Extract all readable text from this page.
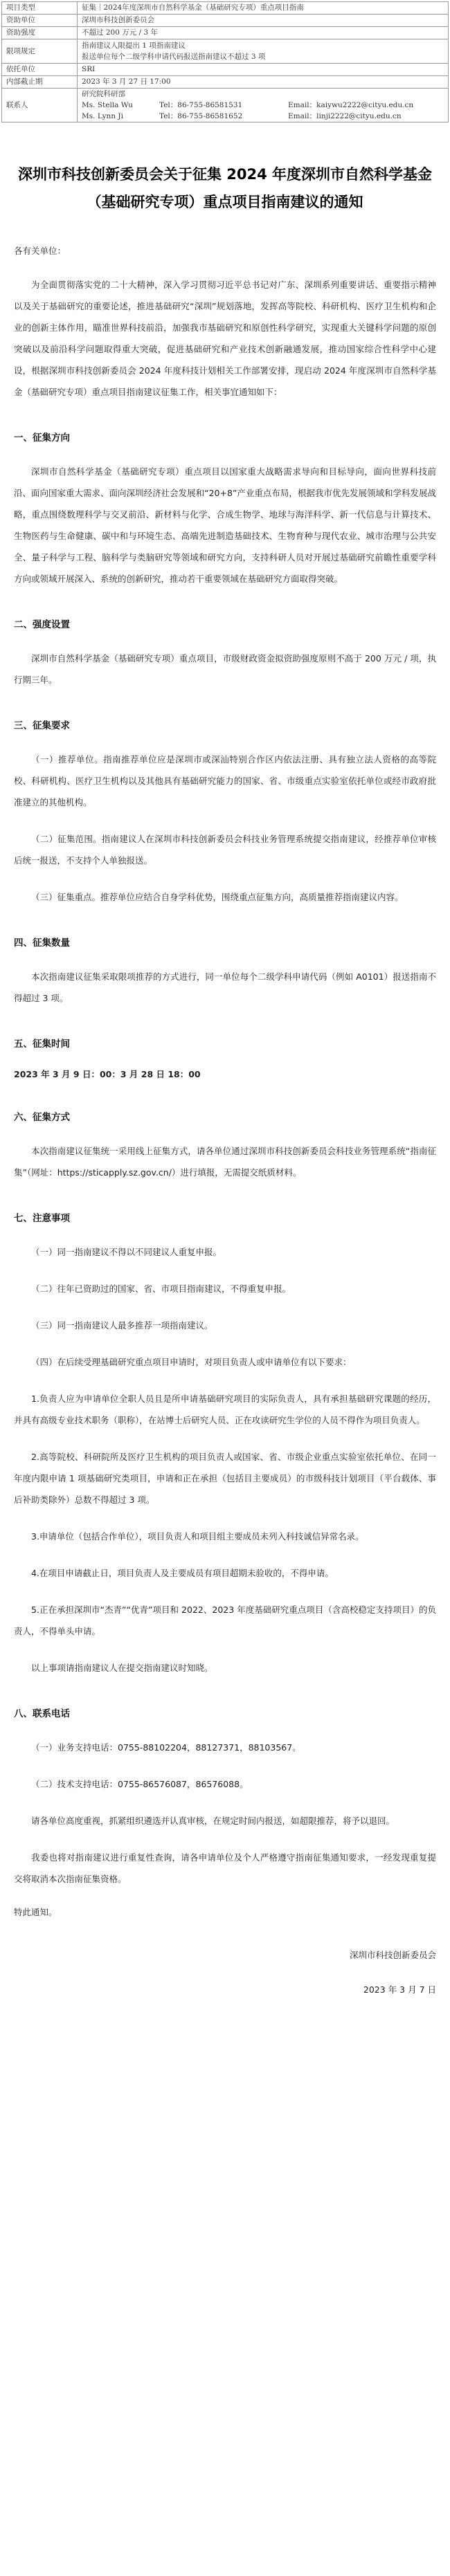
项目类型	征集｜2024年度深圳市自然科学基金（基础研究专项）重点项目指南
资助单位	深圳市科技创新委员会
资助强度	不超过 200 万元 / 3 年
限项规定	指南建议人限提出 1 项指南建议
报送单位每个二级学科申请代码报送指南建议不超过 3 项

依托单位	SRI
内部截止期	2023 年 3 月 27 日 17:00
联系人	研究院科研部
Ms. Stella Wu Tel：86-755-86581531 Email：kaiywu2222@cityu.edu.cn
Ms. Lynn Ji Tel：86-755-86581652 Email：linji2222@cityu.edu.cn
深圳市科技创新委员会关于征集 2024 年度深圳市自然科学基金（基础研究专项）重点项目指南建议的通知
各有关单位：

为全面贯彻落实党的二十大精神，深入学习贯彻习近平总书记对广东、深圳系列重要讲话、重要指示精神以及关于基础研究的重要论述，推进基础研究“深圳”规划落地，发挥高等院校、科研机构、医疗卫生机构和企业的创新主体作用，瞄准世界科技前沿，加强我市基础研究和原创性科学研究，实现重大关键科学问题的原创突破以及前沿科学问题取得重大突破，促进基础研究和产业技术创新融通发展，推动国家综合性科学中心建设，根据深圳市科技创新委员会 2024 年度科技计划相关工作部署安排，现启动 2024 年度深圳市自然科学基金（基础研究专项）重点项目指南建议征集工作，相关事宜通知如下：

一、征集方向

深圳市自然科学基金（基础研究专项）重点项目以国家重大战略需求导向和目标导向，面向世界科技前沿、面向国家重大需求、面向深圳经济社会发展和“20+8”产业重点布局，根据我市优先发展领域和学科发展战略，重点围绕数理科学与交叉前沿、新材料与化学、合成生物学、地球与海洋科学、新一代信息与计算技术、生物医药与生命健康、碳中和与环境生态、高端先进制造基础技术、生物育种与现代农业、城市治理与公共安全、量子科学与工程、脑科学与类脑研究等领域和研究方向，支持科研人员对开展过基础研究前瞻性重要学科方向或领域开展深入、系统的创新研究，推动若干重要领域在基础研究方面取得突破。

二、强度设置

深圳市自然科学基金（基础研究专项）重点项目，市级财政资金拟资助强度原则不高于 200 万元 / 项，执行期三年。

三、征集要求

（一）推荐单位。指南推荐单位应是深圳市或深汕特别合作区内依法注册、具有独立法人资格的高等院校、科研机构、医疗卫生机构以及其他具有基础研究能力的国家、省、市级重点实验室依托单位或经市政府批准建立的其他机构。

（二）征集范围。指南建议人在深圳市科技创新委员会科技业务管理系统提交指南建议，经推荐单位审核后统一报送，不支持个人单独报送。

（三）征集重点。推荐单位应结合自身学科优势，围绕重点征集方向，高质量推荐指南建议内容。

四、征集数量

本次指南建议征集采取限项推荐的方式进行，同一单位每个二级学科申请代码（例如 A0101）报送指南不得超过 3 项。

五、征集时间
2023 年 3 月 9 日：00：3 月 28 日 18：00
六、征集方式

本次指南建议征集统一采用线上征集方式，请各单位通过深圳市科技创新委员会科技业务管理系统“指南征集”（网址：https://sticapply.sz.gov.cn/）进行填报，无需提交纸质材料。

七、注意事项

（一）同一指南建议不得以不同建议人重复申报。

（二）往年已资助过的国家、省、市项目指南建议，不得重复申报。

（三）同一指南建议人最多推荐一项指南建议。

（四）在后续受理基础研究重点项目申请时，对项目负责人或申请单位有以下要求：

1.负责人应为申请单位全职人员且是所申请基础研究项目的实际负责人，具有承担基础研究课题的经历，并具有高级专业技术职务（职称），在站博士后研究人员、正在攻读研究生学位的人员不得作为项目负责人。

2.高等院校、科研院所及医疗卫生机构的项目负责人或国家、省、市级企业重点实验室依托单位、在同一年度内限申请 1 项基础研究类项目，申请和正在承担（包括目主要成员）的市级科技计划项目（平台载体、事后补助类除外）总数不得超过 3 项。

3.申请单位（包括合作单位），项目负责人和项目组主要成员未列入科技诚信异常名录。

4.在项目申请截止日，项目负责人及主要成员有项目超期未验收的，不得申请。

5.正在承担深圳市“杰青”“优青”项目和 2022、2023 年度基础研究重点项目（含高校稳定支持项目）的负责人，不得单头申请。

以上事项请指南建议人在提交指南建议时知晓。

八、联系电话

（一）业务支持电话：0755-88102204，88127371，88103567。

（二）技术支持电话：0755-86576087，86576088。

请各单位高度重视，抓紧组织遴选并认真审核，在规定时间内报送，如超限推荐，将予以退回。

我委也将对指南建议进行重复性查询，请各申请单位及个人严格遵守指南征集通知要求，一经发现重复提交将取消本次指南征集资格。

特此通知。
深圳市科技创新委员会
2023 年 3 月 7 日
